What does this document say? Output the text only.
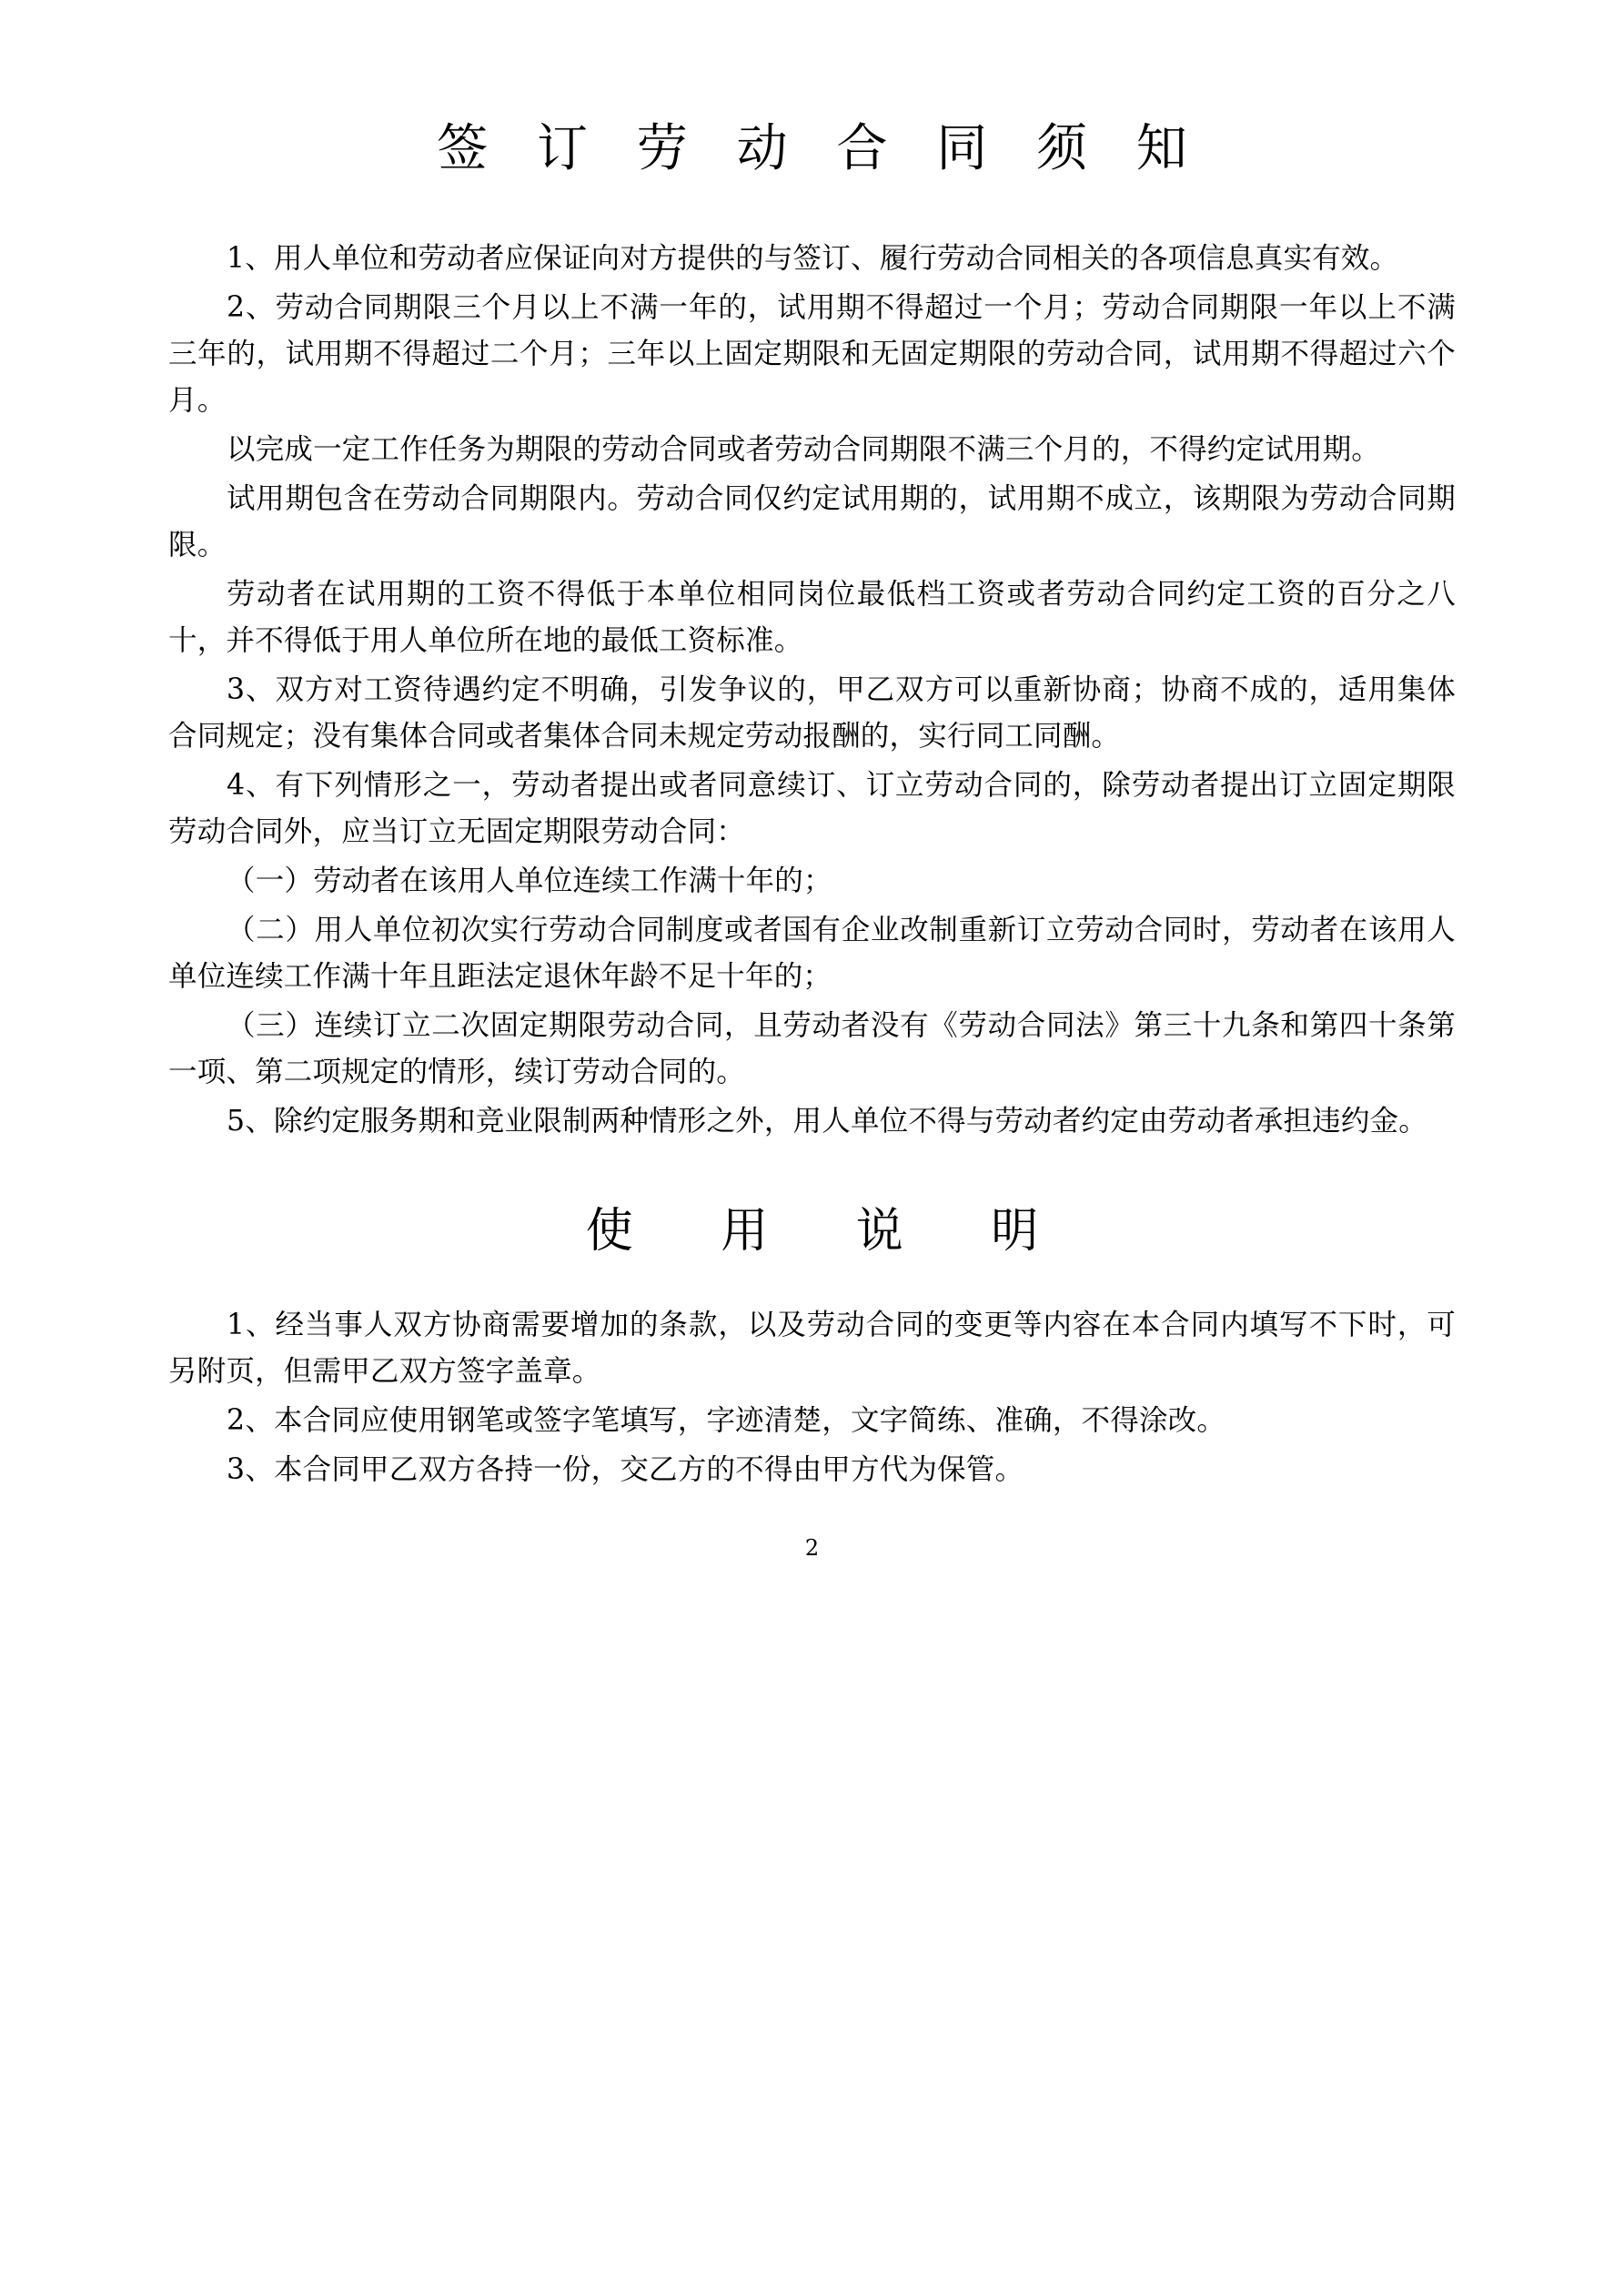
签 订 劳 动 合 同 须 知

1、用人单位和劳动者应保证向对方提供的与签订、履行劳动合同相关的各项信息真实有效。

2、劳动合同期限三个月以上不满一年的，试用期不得超过一个月；劳动合同期限一年以上不满三年的，试用期不得超过二个月；三年以上固定期限和无固定期限的劳动合同，试用期不得超过六个月。

以完成一定工作任务为期限的劳动合同或者劳动合同期限不满三个月的，不得约定试用期。

试用期包含在劳动合同期限内。劳动合同仅约定试用期的，试用期不成立，该期限为劳动合同期限。

劳动者在试用期的工资不得低于本单位相同岗位最低档工资或者劳动合同约定工资的百分之八十，并不得低于用人单位所在地的最低工资标准。

3、双方对工资待遇约定不明确，引发争议的，甲乙双方可以重新协商；协商不成的，适用集体合同规定；没有集体合同或者集体合同未规定劳动报酬的，实行同工同酬。

4、有下列情形之一，劳动者提出或者同意续订、订立劳动合同的，除劳动者提出订立固定期限劳动合同外，应当订立无固定期限劳动合同：

（一）劳动者在该用人单位连续工作满十年的；

（二）用人单位初次实行劳动合同制度或者国有企业改制重新订立劳动合同时，劳动者在该用人单位连续工作满十年且距法定退休年龄不足十年的；

（三）连续订立二次固定期限劳动合同，且劳动者没有《劳动合同法》第三十九条和第四十条第一项、第二项规定的情形，续订劳动合同的。

5、除约定服务期和竞业限制两种情形之外，用人单位不得与劳动者约定由劳动者承担违约金。

使 用 说 明

1、经当事人双方协商需要增加的条款，以及劳动合同的变更等内容在本合同内填写不下时，可另附页，但需甲乙双方签字盖章。

2、本合同应使用钢笔或签字笔填写，字迹清楚，文字简练、准确，不得涂改。

3、本合同甲乙双方各持一份，交乙方的不得由甲方代为保管。

2
